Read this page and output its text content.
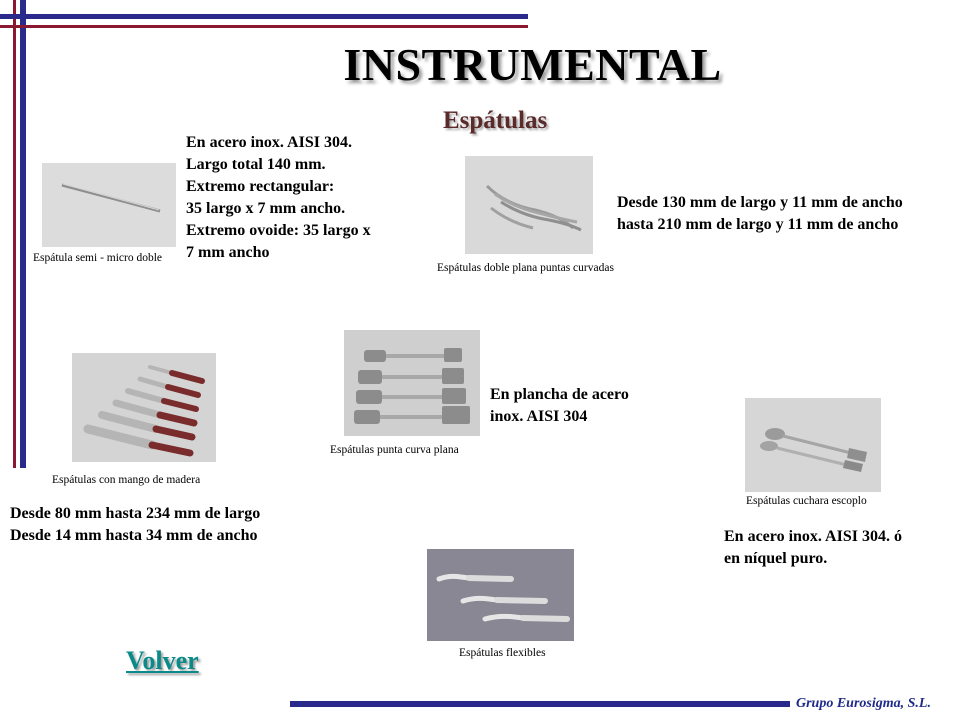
INSTRUMENTAL
Espátulas
Espátula semi - micro doble
En acero inox. AISI 304.
Largo total 140 mm.
Extremo rectangular:
35 largo x 7 mm ancho.
Extremo ovoide: 35 largo x
7 mm ancho
Espátulas doble plana puntas curvadas
Desde 130 mm de largo y 11 mm de ancho
hasta 210 mm de largo y 11 mm de ancho
Espátulas con mango de madera
Desde 80 mm hasta 234 mm de largo
Desde 14 mm hasta 34 mm de ancho
Espátulas punta curva plana
En plancha de acero
inox. AISI 304
Espátulas cuchara escoplo
En acero inox. AISI 304. ó
en níquel puro.
Espátulas flexibles
Volver
Grupo Eurosigma, S.L.
